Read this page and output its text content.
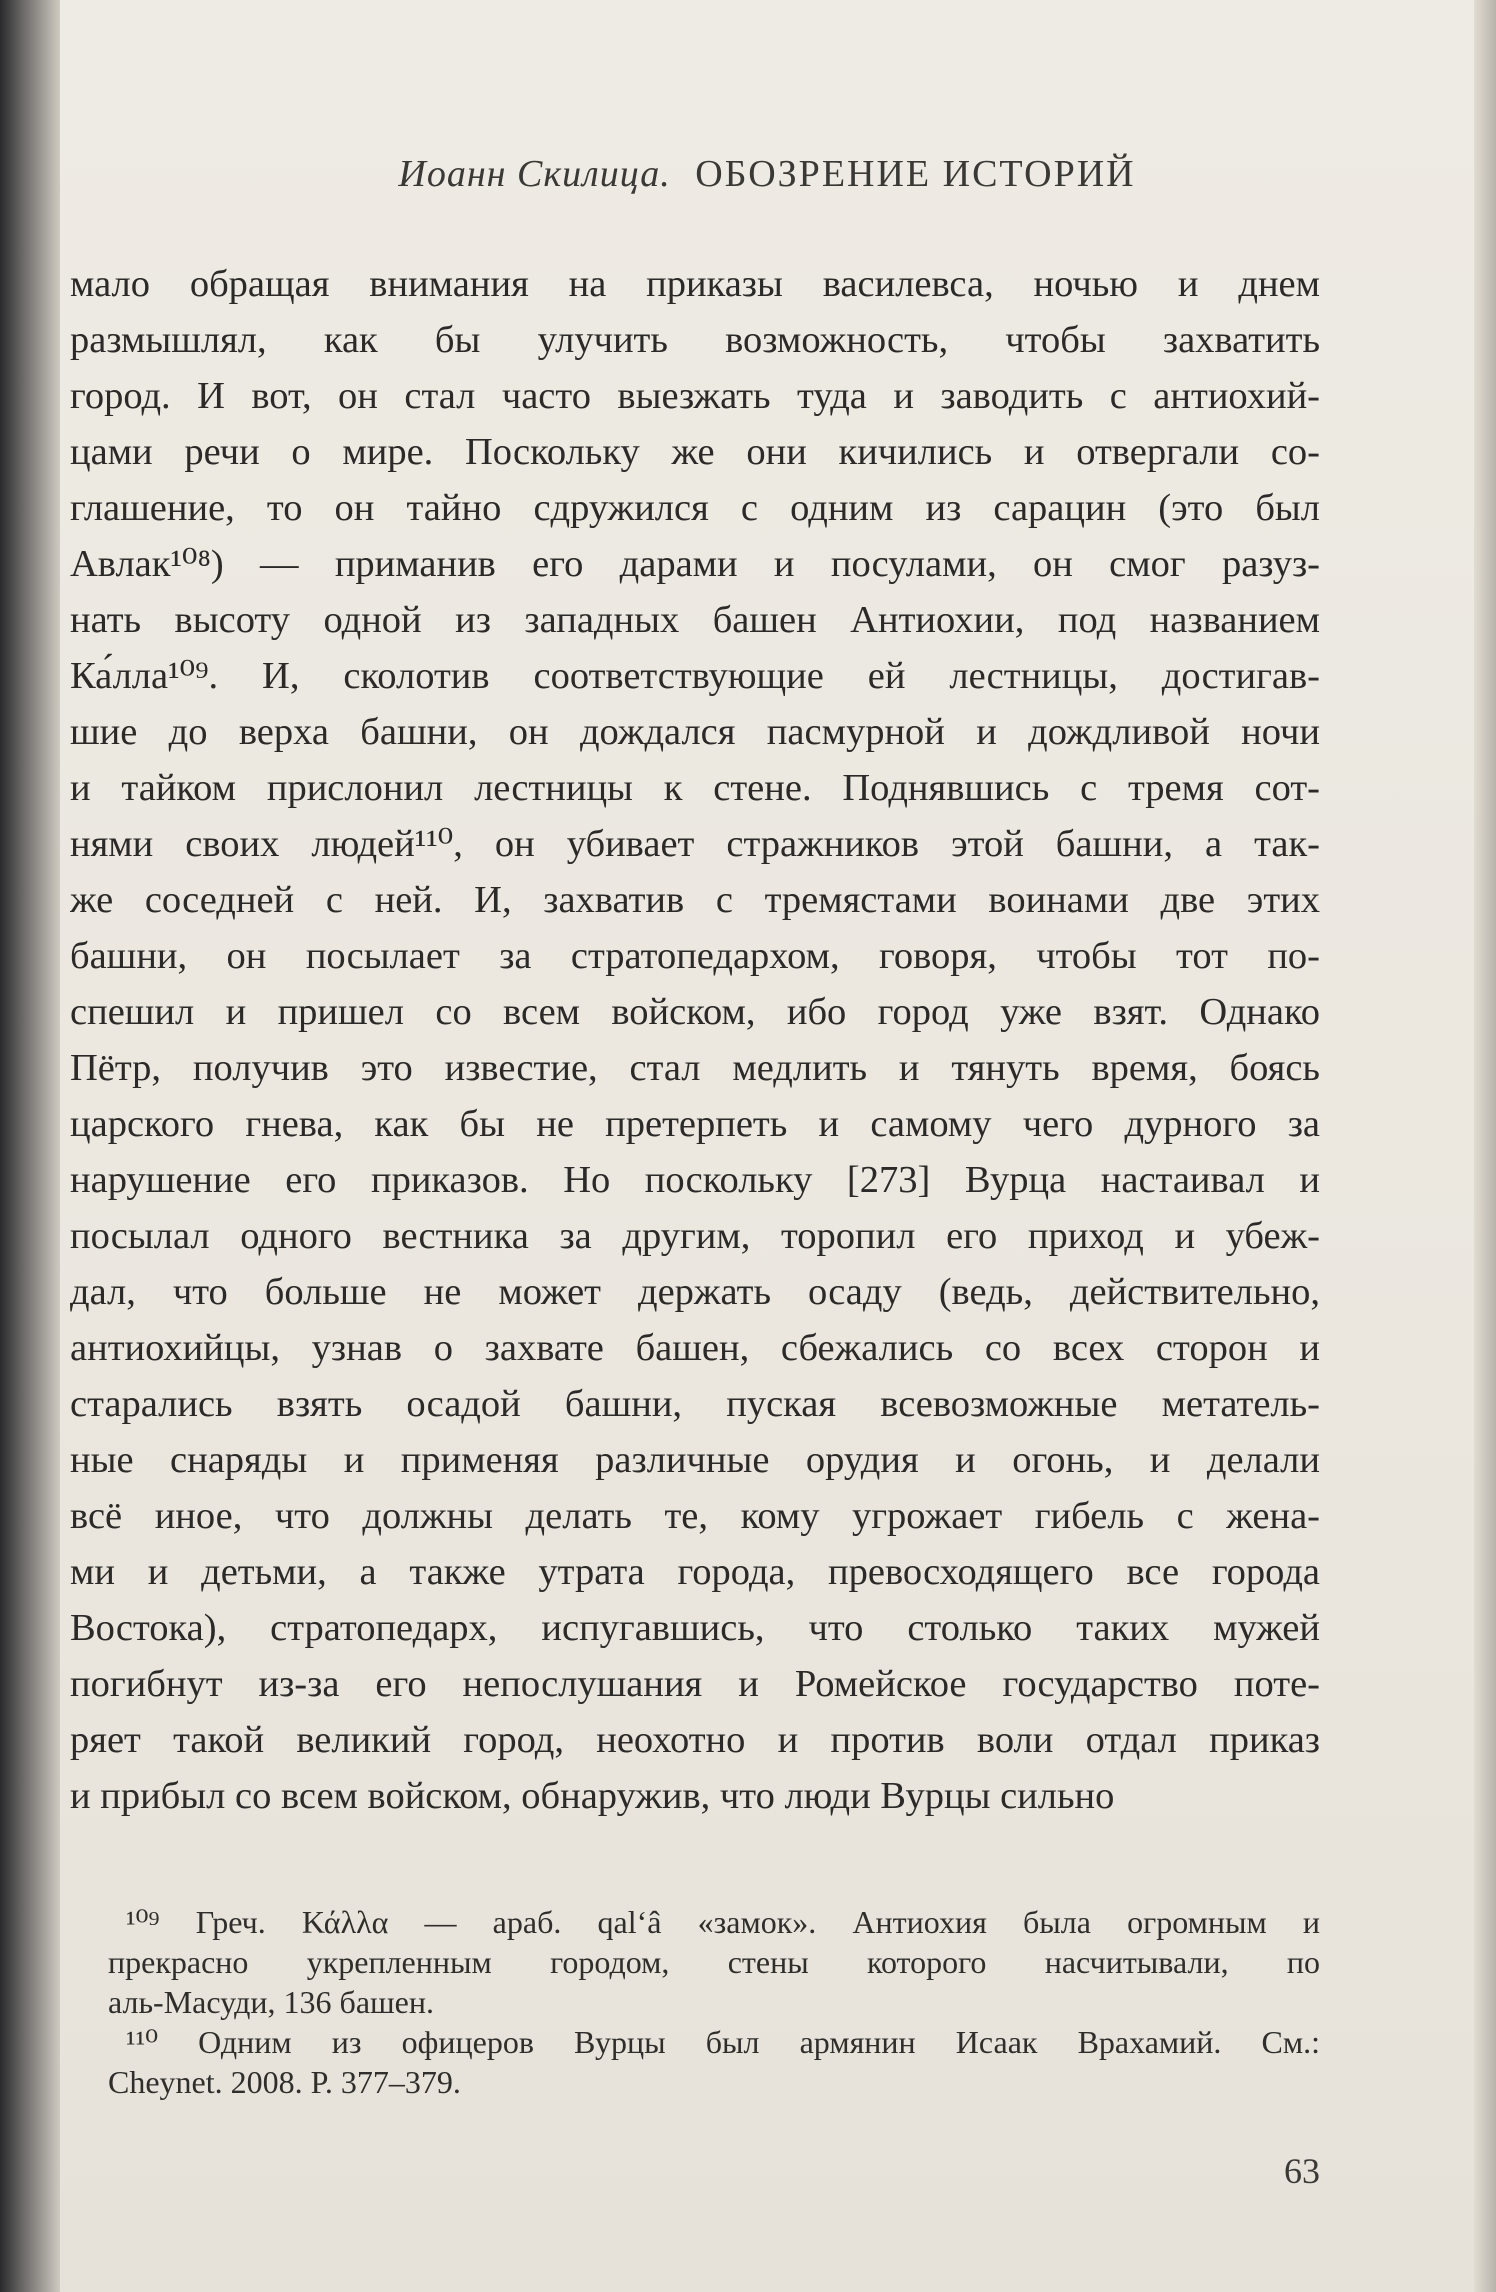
Иоанн Скилица. ОБОЗРЕНИЕ ИСТОРИЙ
мало обращая внимания на приказы василевса, ночью и днем
размышлял, как бы улучить возможность, чтобы захватить
город. И вот, он стал часто выезжать туда и заводить с антиохий-
цами речи о мире. Поскольку же они кичились и отвергали со-
глашение, то он тайно сдружился с одним из сарацин (это был
Авлак¹⁰⁸) — приманив его дарами и посулами, он смог разуз-
нать высоту одной из западных башен Антиохии, под названием
Ка́лла¹⁰⁹. И, сколотив соответствующие ей лестницы, достигав-
шие до верха башни, он дождался пасмурной и дождливой ночи
и тайком прислонил лестницы к стене. Поднявшись с тремя сот-
нями своих людей¹¹⁰, он убивает стражников этой башни, а так-
же соседней с ней. И, захватив с тремястами воинами две этих
башни, он посылает за стратопедархом, говоря, чтобы тот по-
спешил и пришел со всем войском, ибо город уже взят. Однако
Пётр, получив это известие, стал медлить и тянуть время, боясь
царского гнева, как бы не претерпеть и самому чего дурного за
нарушение его приказов. Но поскольку [273] Вурца настаивал и
посылал одного вестника за другим, торопил его приход и убеж-
дал, что больше не может держать осаду (ведь, действительно,
антиохийцы, узнав о захвате башен, сбежались со всех сторон и
старались взять осадой башни, пуская всевозможные метатель-
ные снаряды и применяя различные орудия и огонь, и делали
всё иное, что должны делать те, кому угрожает гибель с жена-
ми и детьми, а также утрата города, превосходящего все города
Востока), стратопедарх, испугавшись, что столько таких мужей
погибнут из-за его непослушания и Ромейское государство поте-
ряет такой великий город, неохотно и против воли отдал приказ
и прибыл со всем войском, обнаружив, что люди Вурцы сильно
¹⁰⁹ Греч. Κάλλα — араб. qal‘â «замок». Антиохия была огромным и
прекрасно укрепленным городом, стены которого насчитывали, по
аль-Масуди, 136 башен.
¹¹⁰ Одним из офицеров Вурцы был армянин Исаак Врахамий. См.:
Cheynet. 2008. P. 377–379.
63
